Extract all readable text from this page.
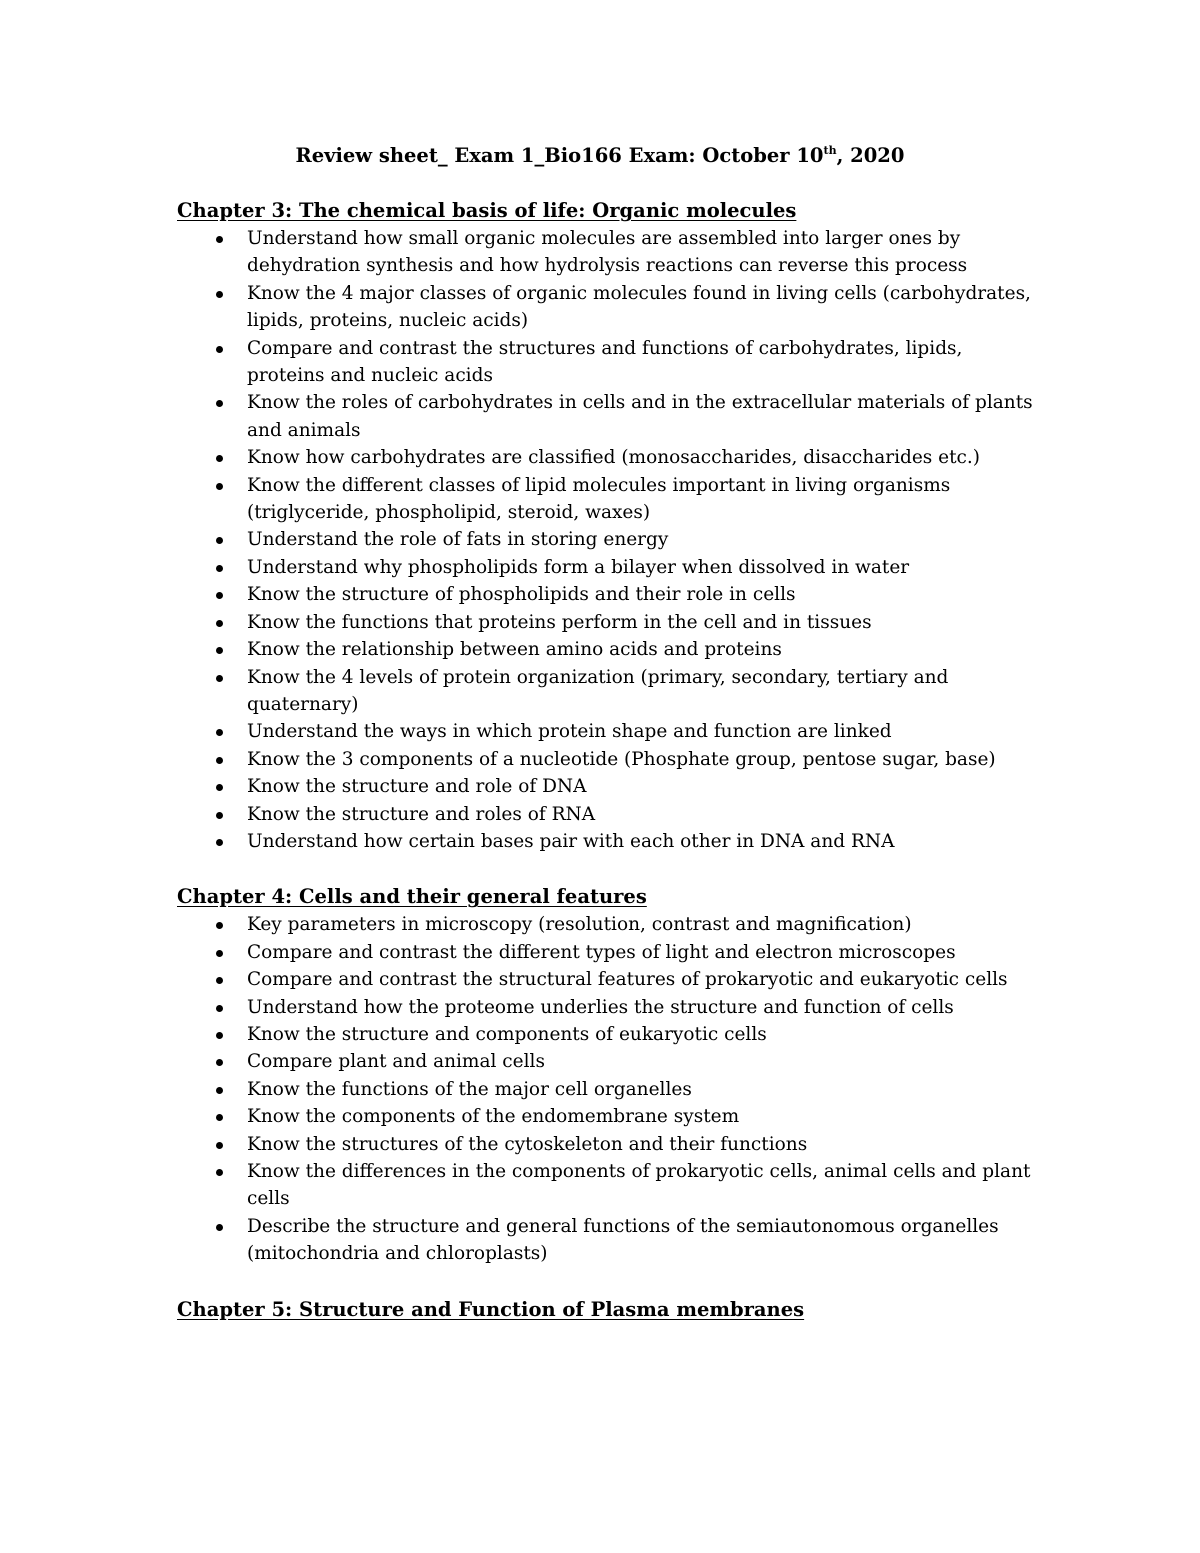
Review sheet_ Exam 1_Bio166 Exam: October 10th, 2020
Chapter 3: The chemical basis of life: Organic molecules
Understand how small organic molecules are assembled into larger ones by dehydration synthesis and how hydrolysis reactions can reverse this process
Know the 4 major classes of organic molecules found in living cells (carbohydrates, lipids, proteins, nucleic acids)
Compare and contrast the structures and functions of carbohydrates, lipids, proteins and nucleic acids
Know the roles of carbohydrates in cells and in the extracellular materials of plants and animals
Know how carbohydrates are classified (monosaccharides, disaccharides etc.)
Know the different classes of lipid molecules important in living organisms (triglyceride, phospholipid, steroid, waxes)
Understand the role of fats in storing energy
Understand why phospholipids form a bilayer when dissolved in water
Know the structure of phospholipids and their role in cells
Know the functions that proteins perform in the cell and in tissues
Know the relationship between amino acids and proteins
Know the 4 levels of protein organization (primary, secondary, tertiary and quaternary)
Understand the ways in which protein shape and function are linked
Know the 3 components of a nucleotide (Phosphate group, pentose sugar, base)
Know the structure and role of DNA
Know the structure and roles of RNA
Understand how certain bases pair with each other in DNA and RNA
Chapter 4: Cells and their general features
Key parameters in microscopy (resolution, contrast and magnification)
Compare and contrast the different types of light and electron microscopes
Compare and contrast the structural features of prokaryotic and eukaryotic cells
Understand how the proteome underlies the structure and function of cells
Know the structure and components of eukaryotic cells
Compare plant and animal cells
Know the functions of the major cell organelles
Know the components of the endomembrane system
Know the structures of the cytoskeleton and their functions
Know the differences in the components of prokaryotic cells, animal cells and plant cells
Describe the structure and general functions of the semiautonomous organelles (mitochondria and chloroplasts)
Chapter 5: Structure and Function of Plasma membranes
